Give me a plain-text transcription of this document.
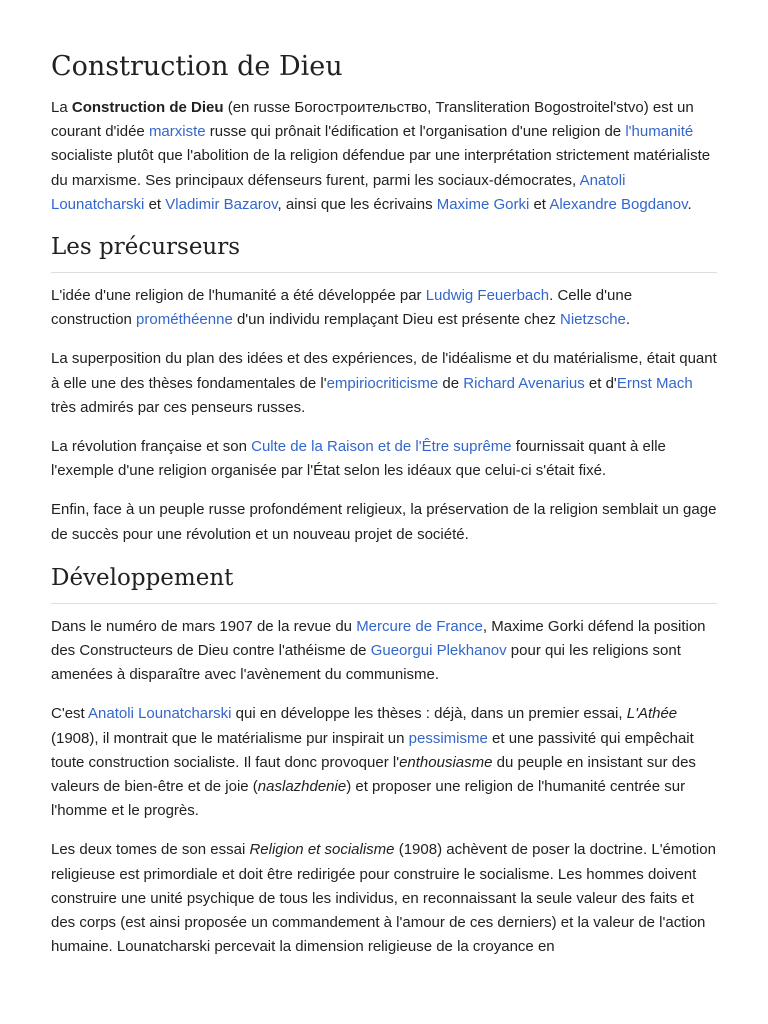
Construction de Dieu

La Construction de Dieu (en russe Богостроительство, Transliteration Bogostroitel'stvo) est un courant d'idée marxiste russe qui prônait l'édification et l'organisation d'une religion de l'humanité socialiste plutôt que l'abolition de la religion défendue par une interprétation strictement matérialiste du marxisme. Ses principaux défenseurs furent, parmi les sociaux-démocrates, Anatoli Lounatcharski et Vladimir Bazarov, ainsi que les écrivains Maxime Gorki et Alexandre Bogdanov.

Les précurseurs

L'idée d'une religion de l'humanité a été développée par Ludwig Feuerbach. Celle d'une construction prométhéenne d'un individu remplaçant Dieu est présente chez Nietzsche.

La superposition du plan des idées et des expériences, de l'idéalisme et du matérialisme, était quant à elle une des thèses fondamentales de l'empiriocriticisme de Richard Avenarius et d'Ernst Mach très admirés par ces penseurs russes.

La révolution française et son Culte de la Raison et de l'Être suprême fournissait quant à elle l'exemple d'une religion organisée par l'État selon les idéaux que celui-ci s'était fixé.

Enfin, face à un peuple russe profondément religieux, la préservation de la religion semblait un gage de succès pour une révolution et un nouveau projet de société.

Développement

Dans le numéro de mars 1907 de la revue du Mercure de France, Maxime Gorki défend la position des Constructeurs de Dieu contre l'athéisme de Gueorgui Plekhanov pour qui les religions sont amenées à disparaître avec l'avènement du communisme.

C'est Anatoli Lounatcharski qui en développe les thèses : déjà, dans un premier essai, L'Athée (1908), il montrait que le matérialisme pur inspirait un pessimisme et une passivité qui empêchait toute construction socialiste. Il faut donc provoquer l'enthousiasme du peuple en insistant sur des valeurs de bien-être et de joie (naslazhdenie) et proposer une religion de l'humanité centrée sur l'homme et le progrès.

Les deux tomes de son essai Religion et socialisme (1908) achèvent de poser la doctrine. L'émotion religieuse est primordiale et doit être redirigée pour construire le socialisme. Les hommes doivent construire une unité psychique de tous les individus, en reconnaissant la seule valeur des faits et des corps (est ainsi proposée un commandement à l'amour de ces derniers) et la valeur de l'action humaine. Lounatcharski percevait la dimension religieuse de la croyance en
